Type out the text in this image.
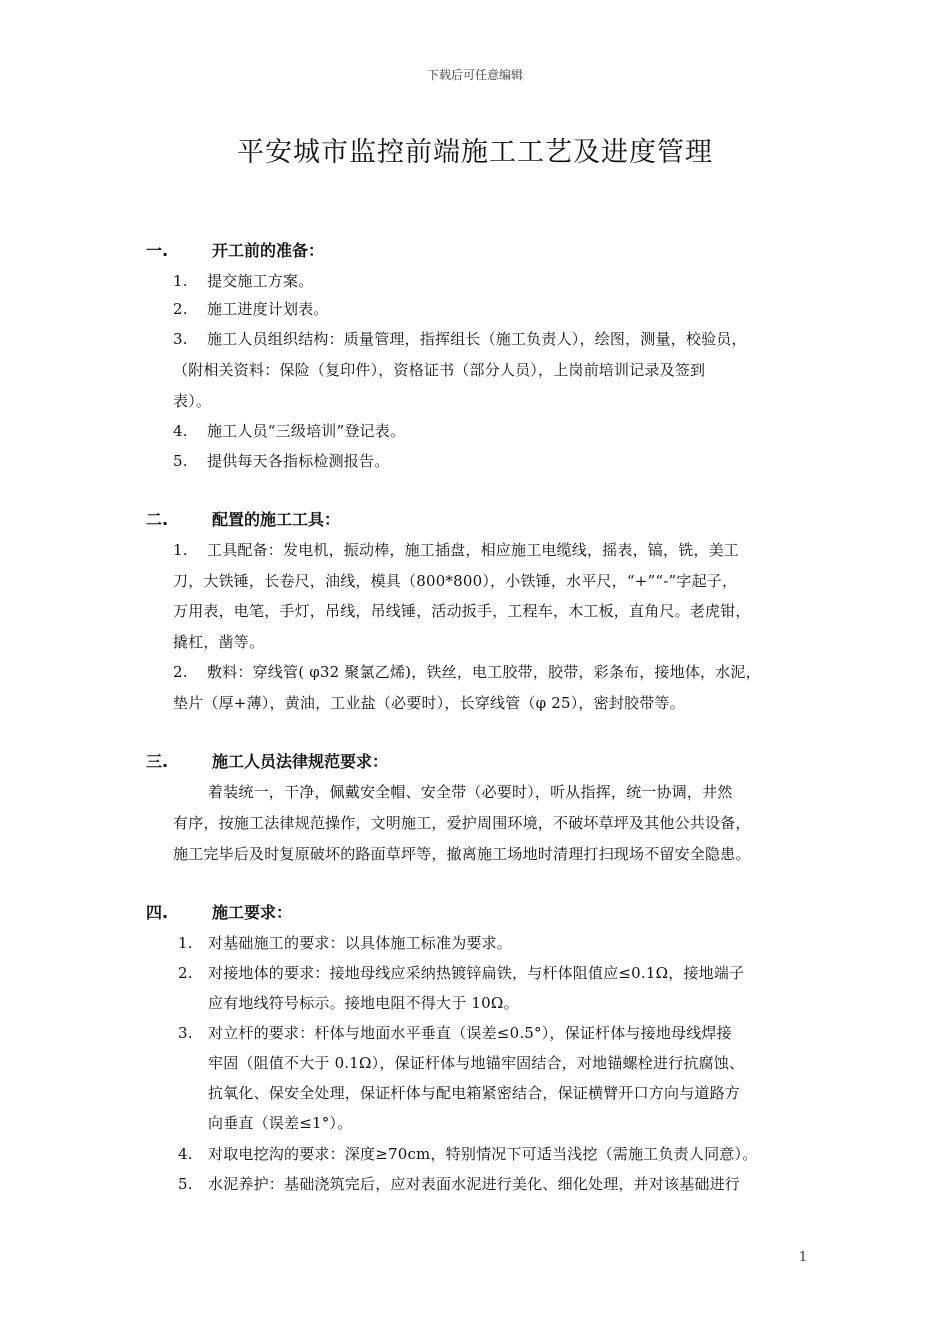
下载后可任意编辑
平安城市监控前端施工工艺及进度管理
一.	开工前的准备：
1. 提交施工方案。
2. 施工进度计划表。
3. 施工人员组织结构：质量管理，指挥组长（施工负责人），绘图，测量，校验员，
（附相关资料：保险（复印件），资格证书（部分人员），上岗前培训记录及签到
表）。
4. 施工人员“三级培训”登记表。
5. 提供每天各指标检测报告。
二.	配置的施工工具：
1. 工具配备：发电机，振动棒，施工插盘，相应施工电缆线，摇表，镐，铣，美工
刀，大铁锤，长卷尺，油线，模具（800*800），小铁锤，水平尺，“+”“-”字起子，
万用表，电笔，手灯，吊线，吊线锤，活动扳手，工程车，木工板，直角尺。老虎钳，
撬杠，凿等。
2. 敷料：穿线管( φ32 聚氯乙烯)，铁丝，电工胶带，胶带，彩条布，接地体，水泥，
垫片（厚+薄），黄油，工业盐（必要时），长穿线管（φ 25），密封胶带等。
三.	施工人员法律规范要求：
着装统一，干净，佩戴安全帽、安全带（必要时），听从指挥，统一协调，井然
有序，按施工法律规范操作，文明施工，爱护周围环境，不破坏草坪及其他公共设备，
施工完毕后及时复原破坏的路面草坪等，撤离施工场地时清理打扫现场不留安全隐患。
四.	施工要求：
1. 对基础施工的要求：以具体施工标准为要求。
2. 对接地体的要求：接地母线应采纳热镀锌扁铁，与杆体阻值应≤0.1Ω，接地端子
应有地线符号标示。接地电阻不得大于 10Ω。
3. 对立杆的要求：杆体与地面水平垂直（误差≤0.5°），保证杆体与接地母线焊接
牢固（阻值不大于 0.1Ω），保证杆体与地锚牢固结合，对地锚螺栓进行抗腐蚀、
抗氧化、保安全处理，保证杆体与配电箱紧密结合，保证横臂开口方向与道路方
向垂直（误差≤1°）。
4. 对取电挖沟的要求：深度≥70cm，特别情况下可适当浅挖（需施工负责人同意）。
5. 水泥养护：基础浇筑完后，应对表面水泥进行美化、细化处理，并对该基础进行
1
